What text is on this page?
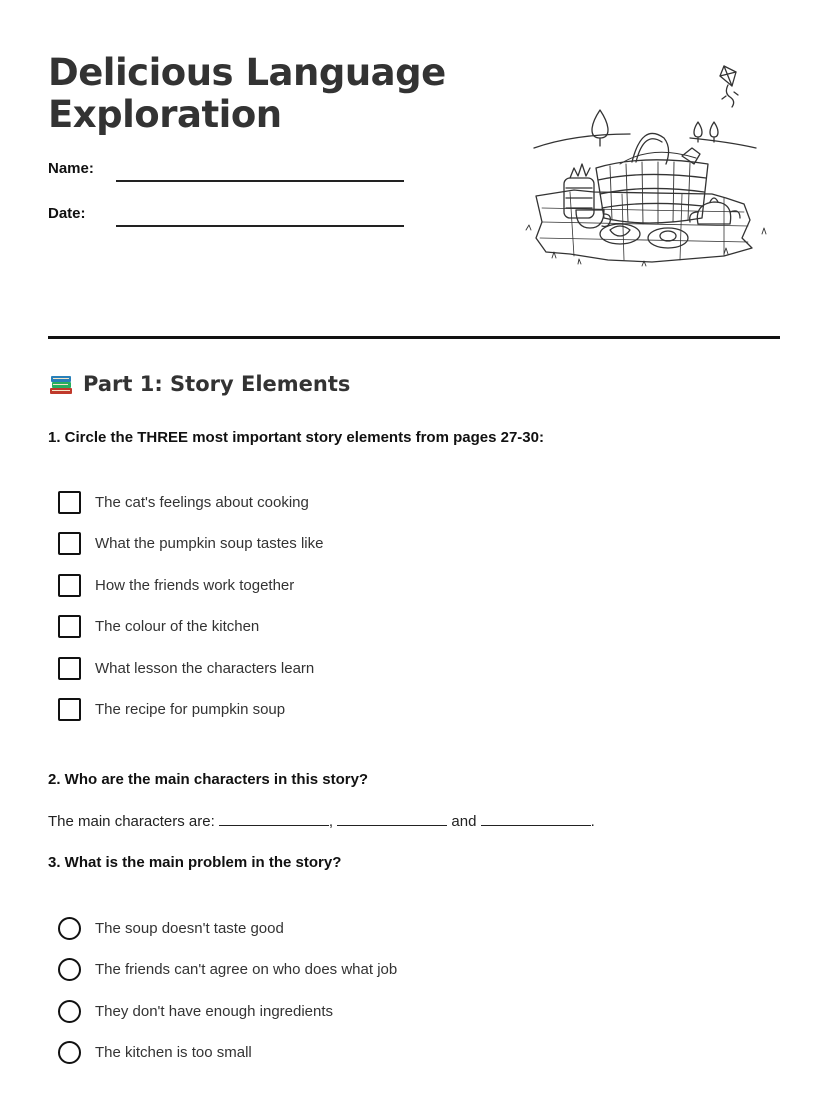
Delicious Language
Exploration
Name:
Date:
Part 1: Story Elements

1. Circle the THREE most important story elements from pages 27-30:

The cat's feelings about cooking
What the pumpkin soup tastes like
How the friends work together
The colour of the kitchen
What lesson the characters learn
The recipe for pumpkin soup

2. Who are the main characters in this story?

The main characters are:	,	and	.

3. What is the main problem in the story?

The soup doesn't taste good
The friends can't agree on who does what job
They don't have enough ingredients
The kitchen is too small
